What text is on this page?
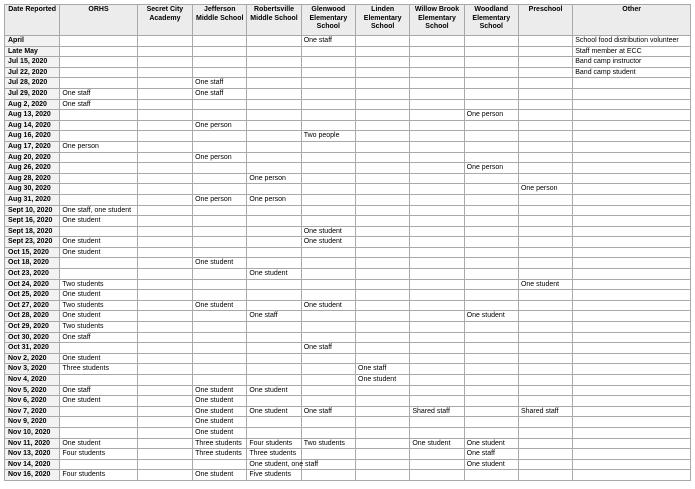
Date Reported	ORHS	Secret City Academy	Jefferson Middle School	Robertsville Middle School	Glenwood Elementary School	Linden Elementary School	Willow Brook Elementary School	Woodland Elementary School	Preschool	Other
April					One staff					School food distribution volunteer
Late May										Staff member at ECC
Jul 15, 2020										Band camp instructor
Jul 22, 2020										Band camp student
Jul 28, 2020			One staff							
Jul 29, 2020	One staff		One staff							
Aug 2, 2020	One staff									
Aug 13, 2020								One person		
Aug 14, 2020			One person							
Aug 16, 2020					Two people					
Aug 17, 2020	One person									
Aug 20, 2020			One person							
Aug 26, 2020								One person		
Aug 28, 2020				One person						
Aug 30, 2020									One person	
Aug 31, 2020			One person	One person						
Sept 10, 2020	One staff, one student									
Sept 16, 2020	One student									
Sept 18, 2020					One student					
Sept 23, 2020	One student				One student					
Oct 15, 2020	One student									
Oct 18, 2020			One student							
Oct 23, 2020				One student						
Oct 24, 2020	Two students								One student	
Oct 25, 2020	One student									
Oct 27, 2020	Two students		One student		One student					
Oct 28, 2020	One student			One staff				One student		
Oct 29, 2020	Two students									
Oct 30, 2020	One staff									
Oct 31, 2020					One staff					
Nov 2, 2020	One student									
Nov 3, 2020	Three students					One staff				
Nov 4, 2020						One student				
Nov 5, 2020	One staff		One student	One student						
Nov 6, 2020	One student		One student							
Nov 7, 2020			One student	One student	One staff		Shared staff		Shared staff	
Nov 9, 2020			One student							
Nov 10, 2020			One student							
Nov 11, 2020	One student		Three students	Four students	Two students		One student	One student		
Nov 13, 2020	Four students		Three students	Three students				One staff		
Nov 14, 2020				One student, one staff				One student		
Nov 16, 2020	Four students		One student	Five students						
